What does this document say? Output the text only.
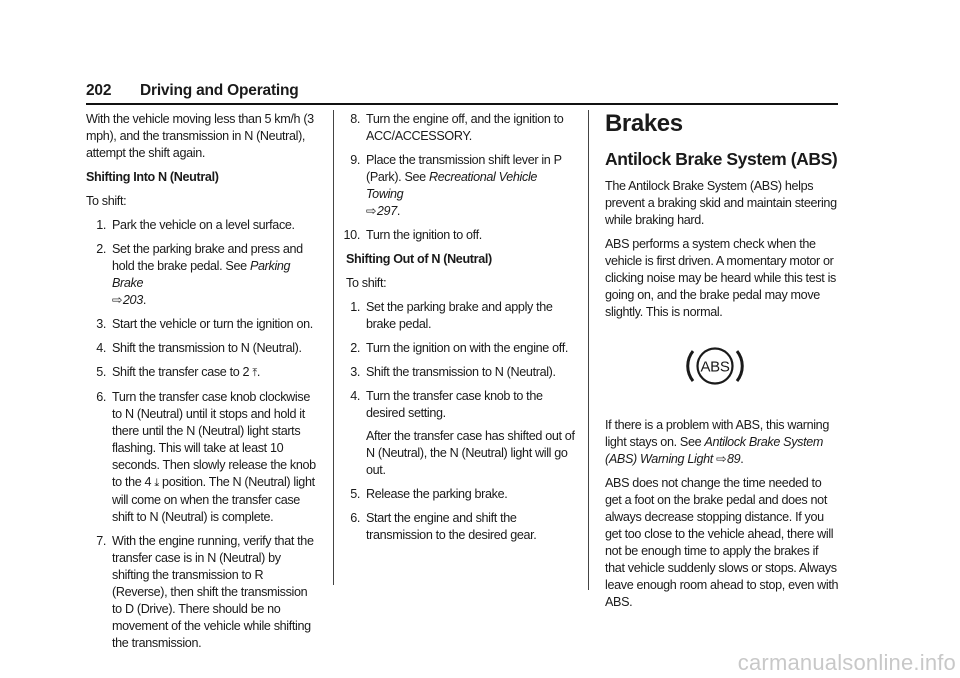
202 Driving and Operating

With the vehicle moving less than 5 km/h (3 mph), and the transmission in N (Neutral), attempt the shift again.

Shifting Into N (Neutral)

To shift:

1. Park the vehicle on a level surface.
2. Set the parking brake and press and hold the brake pedal. See Parking Brake
⇨ 203.
3. Start the vehicle or turn the ignition on.
4. Shift the transmission to N (Neutral).
5. Shift the transfer case to 2 ⤒.
6. Turn the transfer case knob clockwise to N (Neutral) until it stops and hold it there until the N (Neutral) light starts flashing. This will take at least 10 seconds. Then slowly release the knob to the 4 ⤓ position. The N (Neutral) light will come on when the transfer case shift to N (Neutral) is complete.
7. With the engine running, verify that the transfer case is in N (Neutral) by shifting the transmission to R (Reverse), then shift the transmission to D (Drive). There should be no movement of the vehicle while shifting the transmission.
8. Turn the engine off, and the ignition to ACC/ACCESSORY.
9. Place the transmission shift lever in P (Park). See Recreational Vehicle Towing
⇨ 297.
10. Turn the ignition to off.
Shifting Out of N (Neutral)

To shift:

1. Set the parking brake and apply the brake pedal.
2. Turn the ignition on with the engine off.
3. Shift the transmission to N (Neutral).
4. Turn the transfer case knob to the desired setting.
After the transfer case has shifted out of N (Neutral), the N (Neutral) light will go out.
5. Release the parking brake.
6. Start the engine and shift the transmission to the desired gear.
Brakes
Antilock Brake System (ABS)

The Antilock Brake System (ABS) helps prevent a braking skid and maintain steering while braking hard.

ABS performs a system check when the vehicle is first driven. A momentary motor or clicking noise may be heard while this test is going on, and the brake pedal may move slightly. This is normal.

ABS

If there is a problem with ABS, this warning light stays on. See Antilock Brake System (ABS) Warning Light ⇨ 89.

ABS does not change the time needed to get a foot on the brake pedal and does not always decrease stopping distance. If you get too close to the vehicle ahead, there will not be enough time to apply the brakes if that vehicle suddenly slows or stops. Always leave enough room ahead to stop, even with ABS.

carmanualsonline.info
